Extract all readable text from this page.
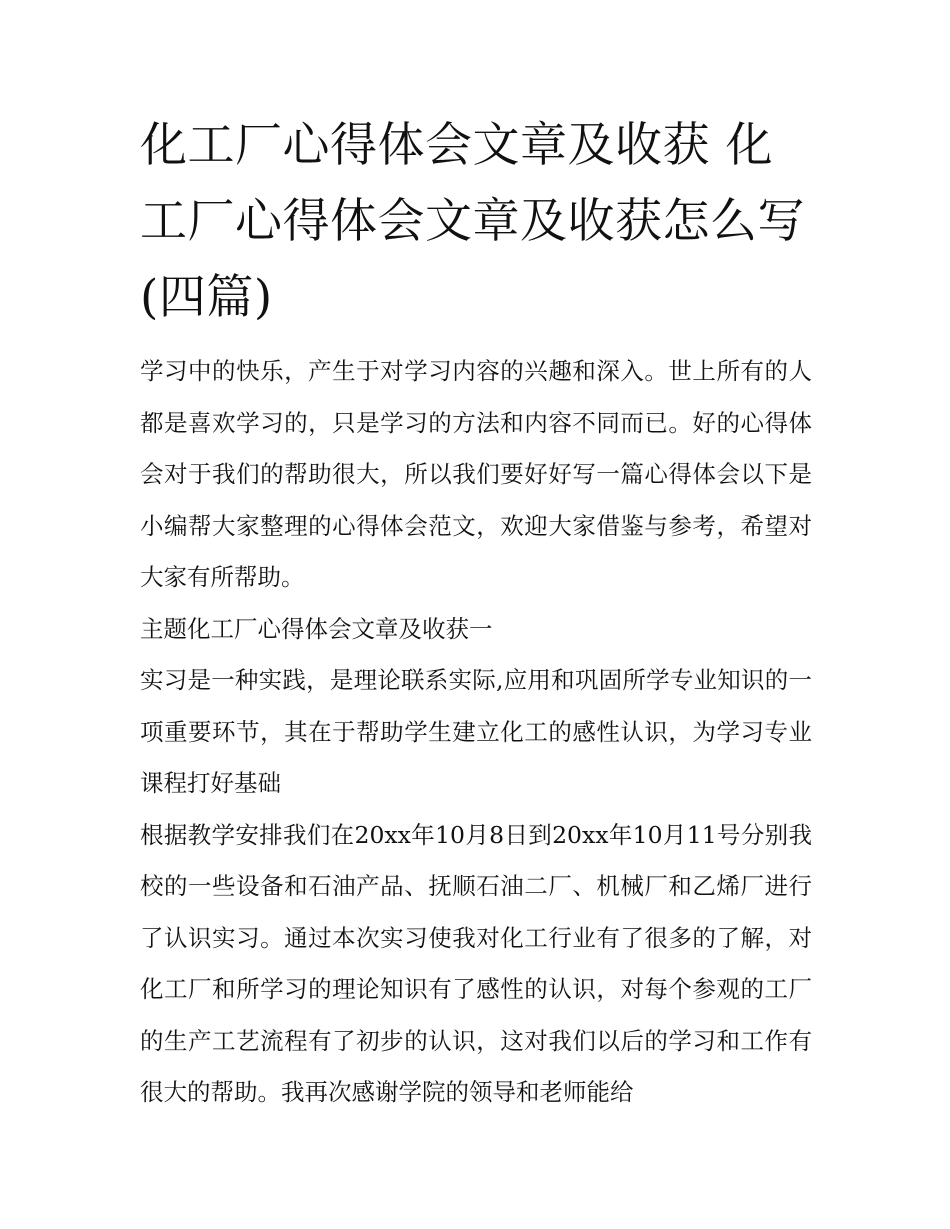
化工厂心得体会文章及收获 化工厂心得体会文章及收获怎么写(四篇)

学习中的快乐，产生于对学习内容的兴趣和深入。世上所有的人都是喜欢学习的，只是学习的方法和内容不同而已。好的心得体会对于我们的帮助很大，所以我们要好好写一篇心得体会以下是小编帮大家整理的心得体会范文，欢迎大家借鉴与参考，希望对大家有所帮助。

主题化工厂心得体会文章及收获一

实习是一种实践，是理论联系实际,应用和巩固所学专业知识的一项重要环节，其在于帮助学生建立化工的感性认识，为学习专业课程打好基础

根据教学安排我们在20xx年10月8日到20xx年10月11号分别我校的一些设备和石油产品、抚顺石油二厂、机械厂和乙烯厂进行了认识实习。通过本次实习使我对化工行业有了很多的了解，对化工厂和所学习的理论知识有了感性的认识，对每个参观的工厂的生产工艺流程有了初步的认识，这对我们以后的学习和工作有很大的帮助。我再次感谢学院的领导和老师能给
